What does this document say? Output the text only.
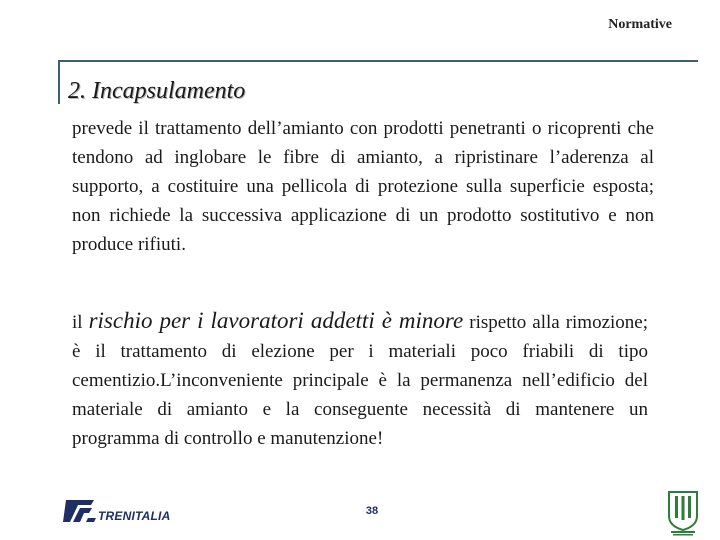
Normative
2. Incapsulamento

prevede il trattamento dell’amianto con prodotti penetranti o ricoprenti che tendono ad inglobare le fibre di amianto, a ripristinare l’aderenza al supporto, a costituire una pellicola di protezione sulla superficie esposta; non richiede la successiva applicazione di un prodotto sostitutivo e non produce rifiuti.

il rischio per i lavoratori addetti è minore rispetto alla rimozione; è il trattamento di elezione per i materiali poco friabili di tipo cementizio.L’inconveniente principale è la permanenza nell’edificio del materiale di amianto e la conseguente necessità di mantenere un programma di controllo e manutenzione!

TRENITALIA	38
